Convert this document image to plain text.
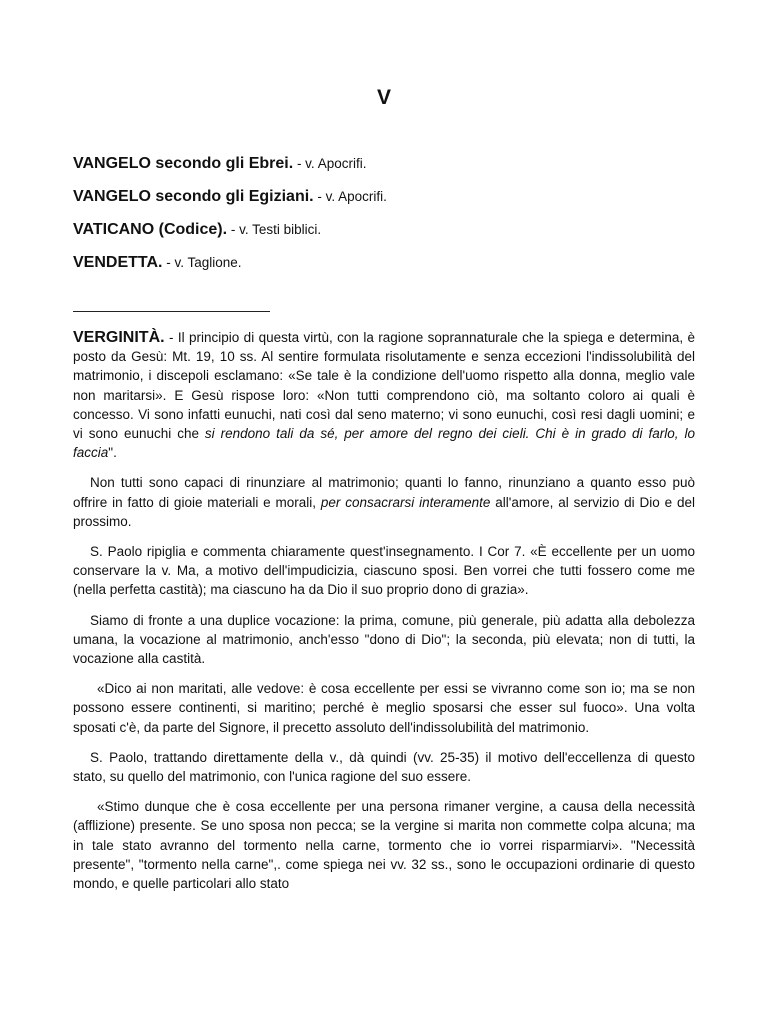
V
VANGELO secondo gli Ebrei. - v. Apocrifi.
VANGELO secondo gli Egiziani. - v. Apocrifi.
VATICANO (Codice). - v. Testi biblici.
VENDETTA. - v. Taglione.

VERGINITÀ. - Il principio di questa virtù, con la ragione soprannaturale che la spiega e determina, è posto da Gesù: Mt. 19, 10 ss. Al sentire formulata risolutamente e senza eccezioni l'indissolubilità del matrimonio, i discepoli esclamano: «Se tale è la condizione dell'uomo rispetto alla donna, meglio vale non maritarsi». E Gesù rispose loro: «Non tutti comprendono ciò, ma soltanto coloro ai quali è concesso. Vi sono infatti eunuchi, nati così dal seno materno; vi sono eunuchi, così resi dagli uomini; e vi sono eunuchi che si rendono tali da sé, per amore del regno dei cieli. Chi è in grado di farlo, lo faccia".

Non tutti sono capaci di rinunziare al matrimonio; quanti lo fanno, rinunziano a quanto esso può offrire in fatto di gioie materiali e morali, per consacrarsi interamente all'amore, al servizio di Dio e del prossimo.

S. Paolo ripiglia e commenta chiaramente quest'insegnamento. I Cor 7. «È eccellente per un uomo conservare la v. Ma, a motivo dell'impudicizia, ciascuno sposi. Ben vorrei che tutti fossero come me (nella perfetta castità); ma ciascuno ha da Dio il suo proprio dono di grazia».

Siamo di fronte a una duplice vocazione: la prima, comune, più generale, più adatta alla debolezza umana, la vocazione al matrimonio, anch'esso "dono di Dio"; la seconda, più elevata; non di tutti, la vocazione alla castità.

«Dico ai non maritati, alle vedove: è cosa eccellente per essi se vivranno come son io; ma se non possono essere continenti, si maritino; perché è meglio sposarsi che esser sul fuoco». Una volta sposati c'è, da parte del Signore, il precetto assoluto dell'indissolubilità del matrimonio.

S. Paolo, trattando direttamente della v., dà quindi (vv. 25-35) il motivo dell'eccellenza di questo stato, su quello del matrimonio, con l'unica ragione del suo essere.

«Stimo dunque che è cosa eccellente per una persona rimaner vergine, a causa della necessità (afflizione) presente. Se uno sposa non pecca; se la vergine si marita non commette colpa alcuna; ma in tale stato avranno del tormento nella carne, tormento che io vorrei risparmiarvi». "Necessità presente", "tormento nella carne",. come spiega nei vv. 32 ss., sono le occupazioni ordinarie di questo mondo, e quelle particolari allo stato
